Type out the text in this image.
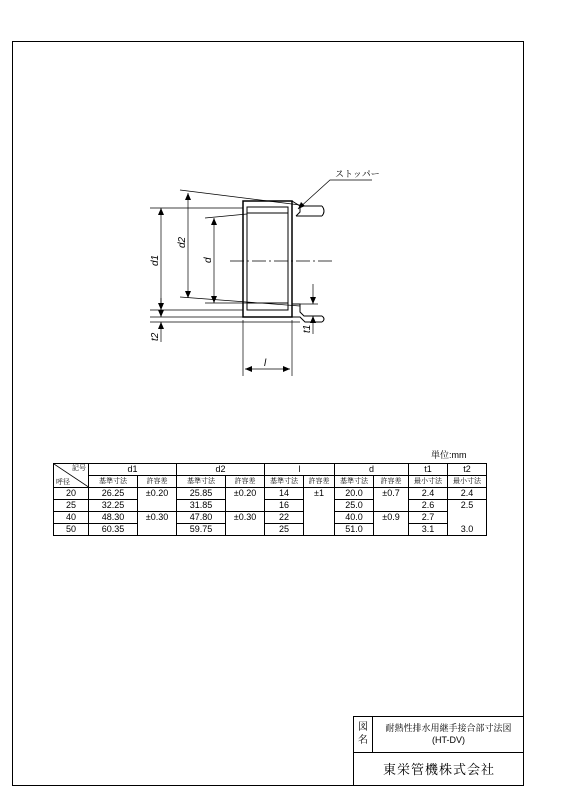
d1
d2
d
t2
t1
l
ストッパー
単位:mm
記号
呼径	d1		d2		l		d		t1	t2
	基準寸法	許容差	基準寸法	許容差	基準寸法	許容差	基準寸法	許容差	最小寸法	最小寸法
20	26.25	±0.20	25.85	±0.20	14	±1	20.0	±0.7	2.4	2.4
25	32.25		31.85		16		25.0		2.6	2.5
40	48.30	±0.30	47.80	±0.30	22		40.0	±0.9	2.7	
50	60.35		59.75		25		51.0		3.1	3.0
図名
耐熱性排水用継手接合部寸法図
(HT-DV)
東栄管機株式会社
